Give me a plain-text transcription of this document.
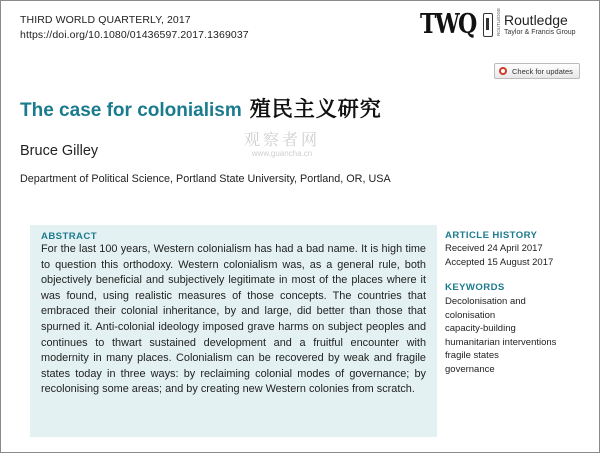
THIRD WORLD QUARTERLY, 2017
https://doi.org/10.1080/01436597.2017.1369037	TWQ	ROUTLEDGE Routledge
Taylor & Francis Group
Check for updates
The case for colonialism 殖民主义研究
观察者网
www.guancha.cn
Bruce Gilley
Department of Political Science, Portland State University, Portland, OR, USA
ABSTRACT

For the last 100 years, Western colonialism has had a bad name. It is high time to question this orthodoxy. Western colonialism was, as a general rule, both objectively beneficial and subjectively legitimate in most of the places where it was found, using realistic measures of those concepts. The countries that embraced their colonial inheritance, by and large, did better than those that spurned it. Anti-colonial ideology imposed grave harms on subject peoples and continues to thwart sustained development and a fruitful encounter with modernity in many places. Colonialism can be recovered by weak and fragile states today in three ways: by reclaiming colonial modes of governance; by recolonising some areas; and by creating new Western colonies from scratch.

ARTICLE HISTORY
Received 24 April 2017
Accepted 15 August 2017
KEYWORDS
Decolonisation and
colonisation
capacity-building
humanitarian interventions
fragile states
governance
